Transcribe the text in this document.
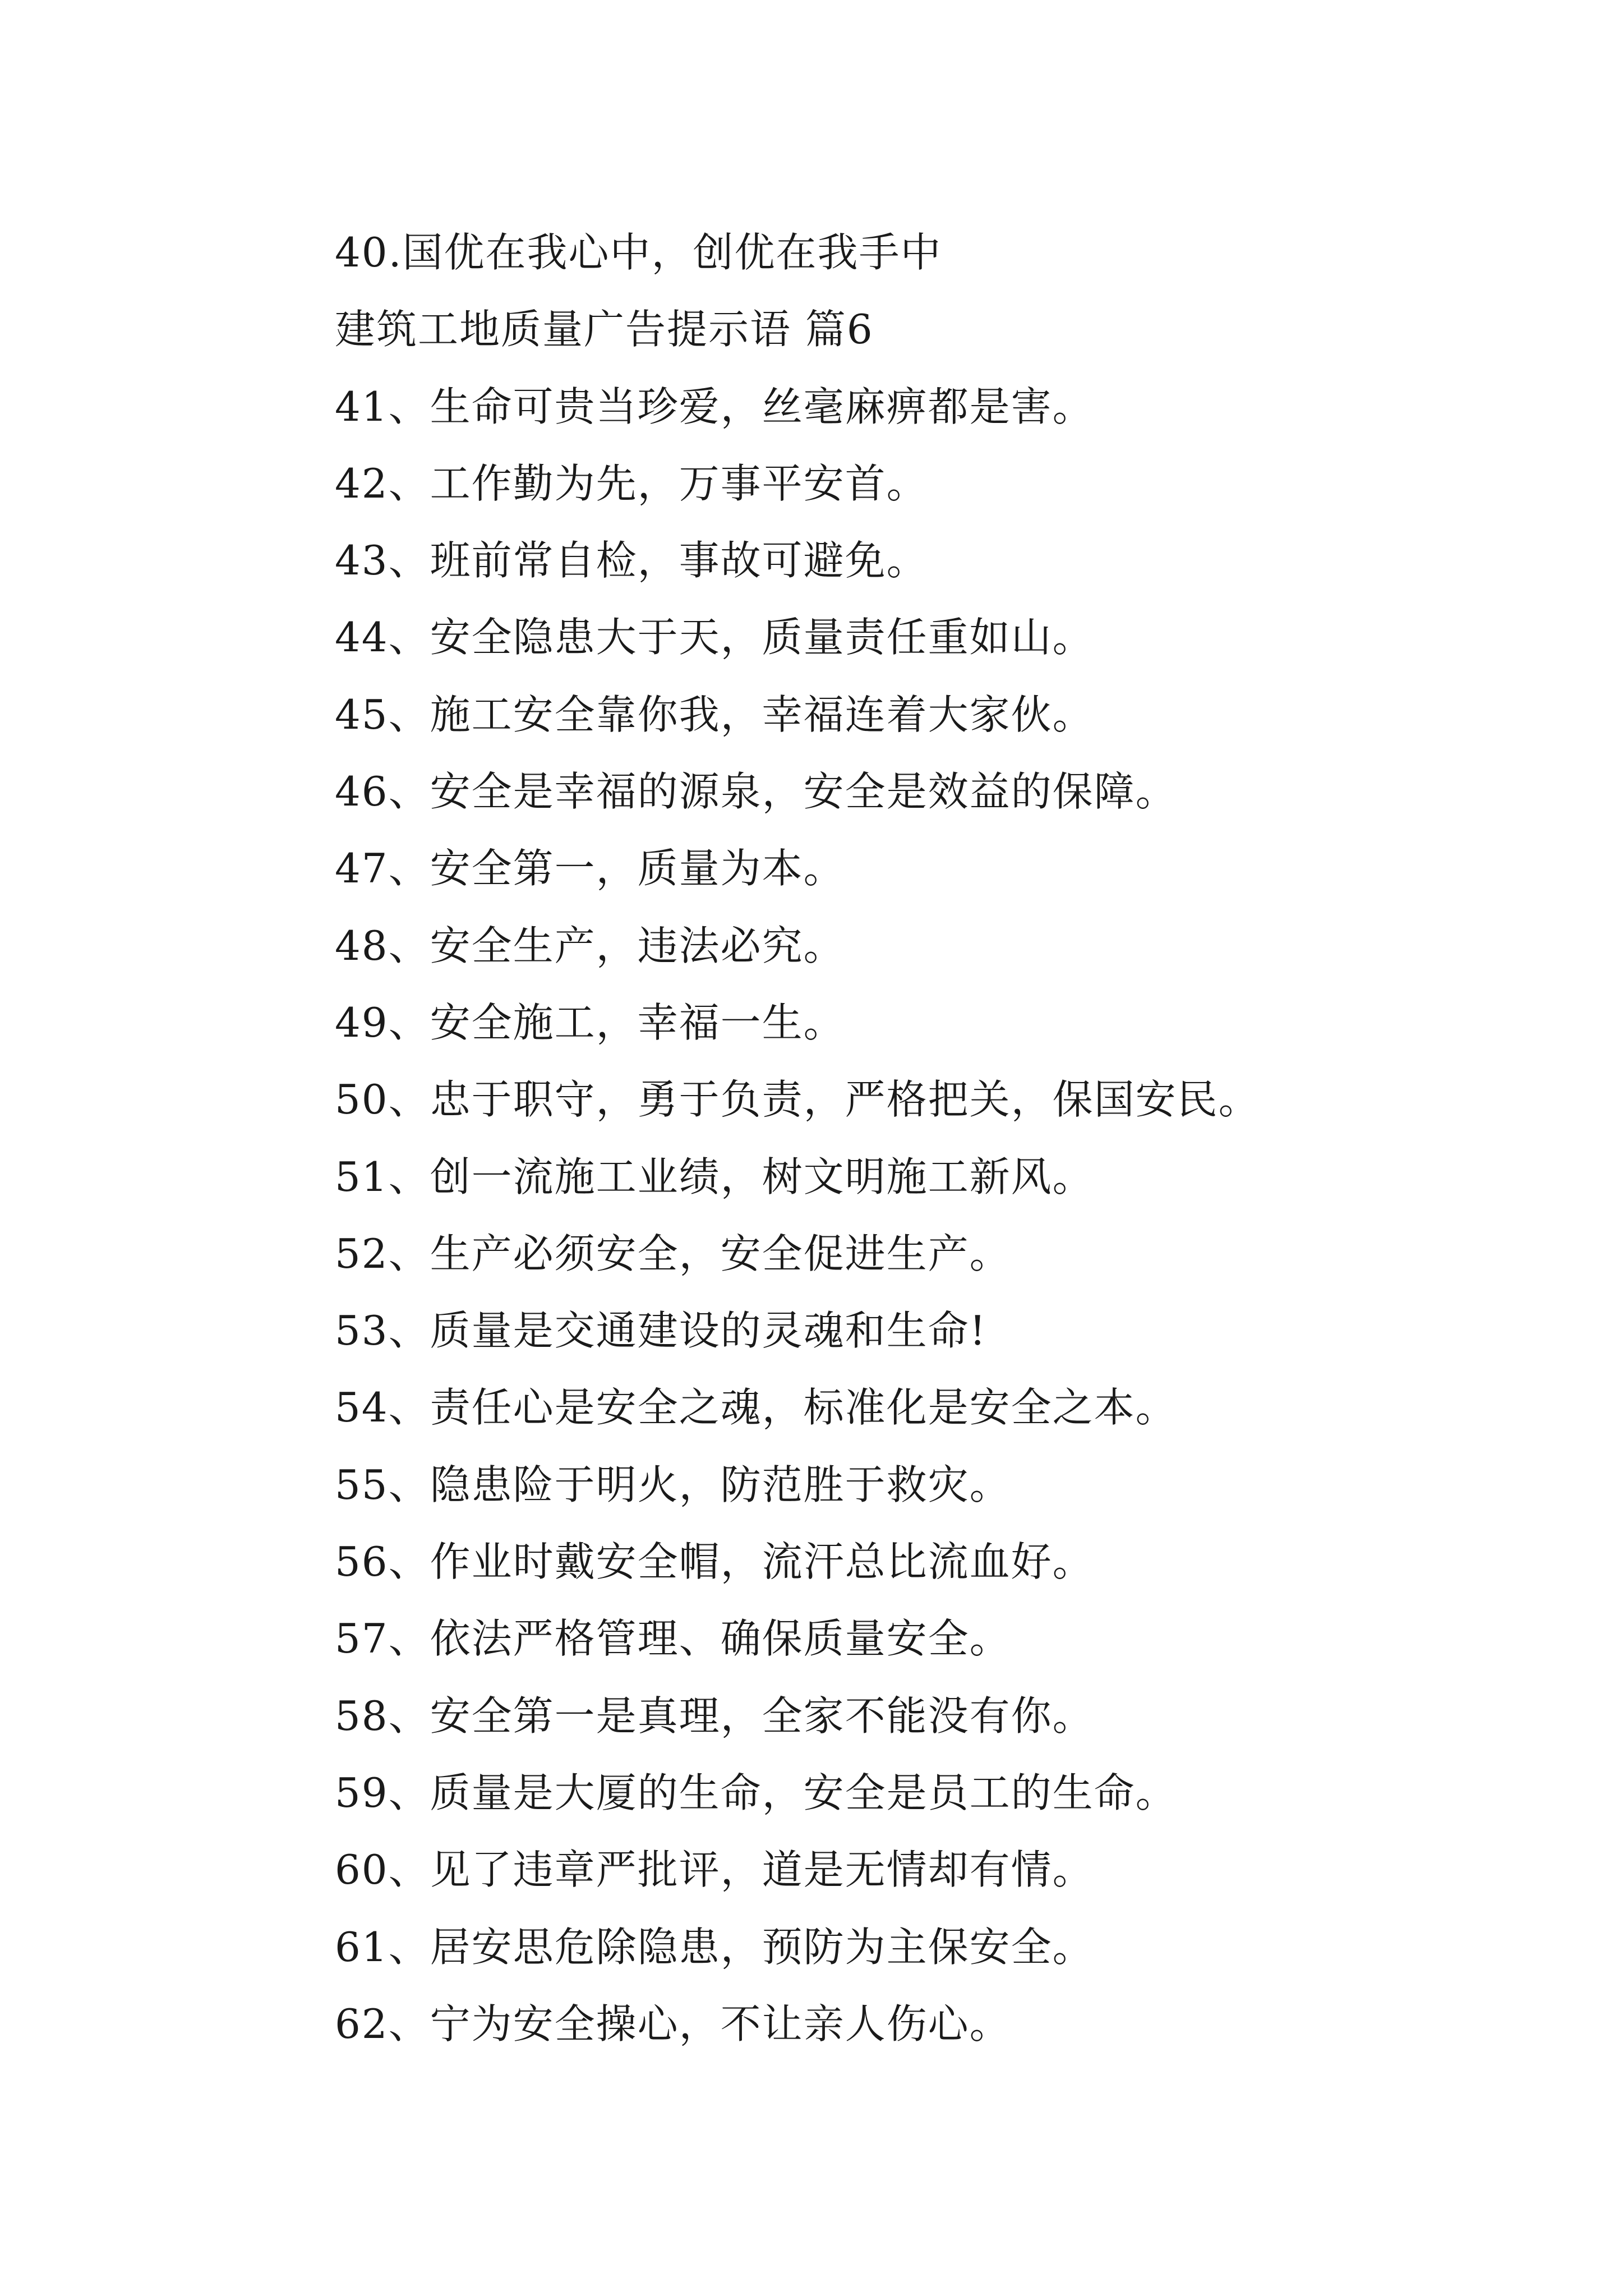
40.国优在我心中，创优在我手中
建筑工地质量广告提示语 篇6
41、生命可贵当珍爱，丝毫麻痹都是害。
42、工作勤为先，万事平安首。
43、班前常自检，事故可避免。
44、安全隐患大于天，质量责任重如山。
45、施工安全靠你我，幸福连着大家伙。
46、安全是幸福的源泉，安全是效益的保障。
47、安全第一，质量为本。
48、安全生产，违法必究。
49、安全施工，幸福一生。
50、忠于职守，勇于负责，严格把关，保国安民。
51、创一流施工业绩，树文明施工新风。
52、生产必须安全，安全促进生产。
53、质量是交通建设的灵魂和生命!
54、责任心是安全之魂，标准化是安全之本。
55、隐患险于明火，防范胜于救灾。
56、作业时戴安全帽，流汗总比流血好。
57、依法严格管理、确保质量安全。
58、安全第一是真理，全家不能没有你。
59、质量是大厦的生命，安全是员工的生命。
60、见了违章严批评，道是无情却有情。
61、居安思危除隐患，预防为主保安全。
62、宁为安全操心，不让亲人伤心。
